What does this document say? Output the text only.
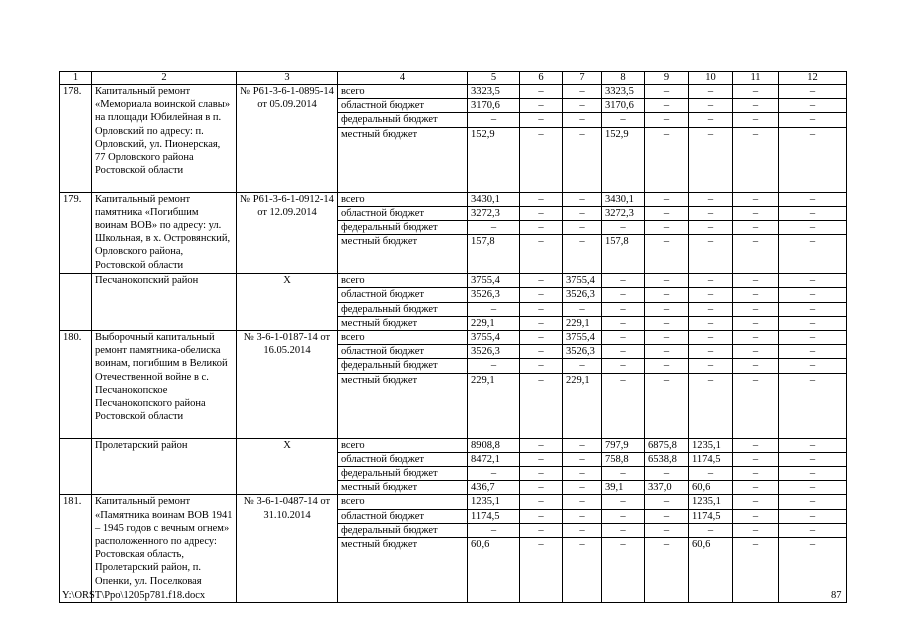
1	2	3	4	5	6	7	8	9	10	11	12
178.	Капитальный ремонт «Мемориала воинской славы» на площади Юбилейная в п. Орловский по адресу: п. Орловский, ул. Пионерская, 77 Орловского района Ростовской области	№ Р61-3-6-1-0895-14 от 05.09.2014	всего	3323,5	–	–	3323,5	–	–	–	–
			областной бюджет	3170,6	–	–	3170,6	–	–	–	–
			федеральный бюджет	–	–	–	–	–	–	–	–
			местный бюджет	152,9	–	–	152,9	–	–	–	–
179.	Капитальный ремонт памятника «Погибшим воинам ВОВ» по адресу: ул. Школьная, в х. Островянский, Орловского района, Ростовской области	№ Р61-3-6-1-0912-14 от 12.09.2014	всего	3430,1	–	–	3430,1	–	–	–	–
			областной бюджет	3272,3	–	–	3272,3	–	–	–	–
			федеральный бюджет	–	–	–	–	–	–	–	–
			местный бюджет	157,8	–	–	157,8	–	–	–	–
	Песчанокопский район	Х	всего	3755,4	–	3755,4	–	–	–	–	–
			областной бюджет	3526,3	–	3526,3	–	–	–	–	–
			федеральный бюджет	–	–	–	–	–	–	–	–
			местный бюджет	229,1	–	229,1	–	–	–	–	–
180.	Выборочный капитальный ремонт памятника-обелиска воинам, погибшим в Великой Отечественной войне в с. Песчанокопское Песчанокопского района Ростовской области	№ 3-6-1-0187-14 от 16.05.2014	всего	3755,4	–	3755,4	–	–	–	–	–
			областной бюджет	3526,3	–	3526,3	–	–	–	–	–
			федеральный бюджет	–	–	–	–	–	–	–	–
			местный бюджет	229,1	–	229,1	–	–	–	–	–
	Пролетарский район	Х	всего	8908,8	–	–	797,9	6875,8	1235,1	–	–
			областной бюджет	8472,1	–	–	758,8	6538,8	1174,5	–	–
			федеральный бюджет	–	–	–	–	–	–	–	–
			местный бюджет	436,7	–	–	39,1	337,0	60,6	–	–
181.	Капитальный ремонт «Памятника воинам ВОВ 1941 – 1945 годов с вечным огнем» расположенного по адресу: Ростовская область, Пролетарский район, п. Опенки, ул. Поселковая	№ 3-6-1-0487-14 от 31.10.2014	всего	1235,1	–	–	–	–	1235,1	–	–
			областной бюджет	1174,5	–	–	–	–	1174,5	–	–
			федеральный бюджет	–	–	–	–	–	–	–	–
			местный бюджет	60,6	–	–	–	–	60,6	–	–
Y:\ORST\Ppo\1205p781.f18.docx	87
